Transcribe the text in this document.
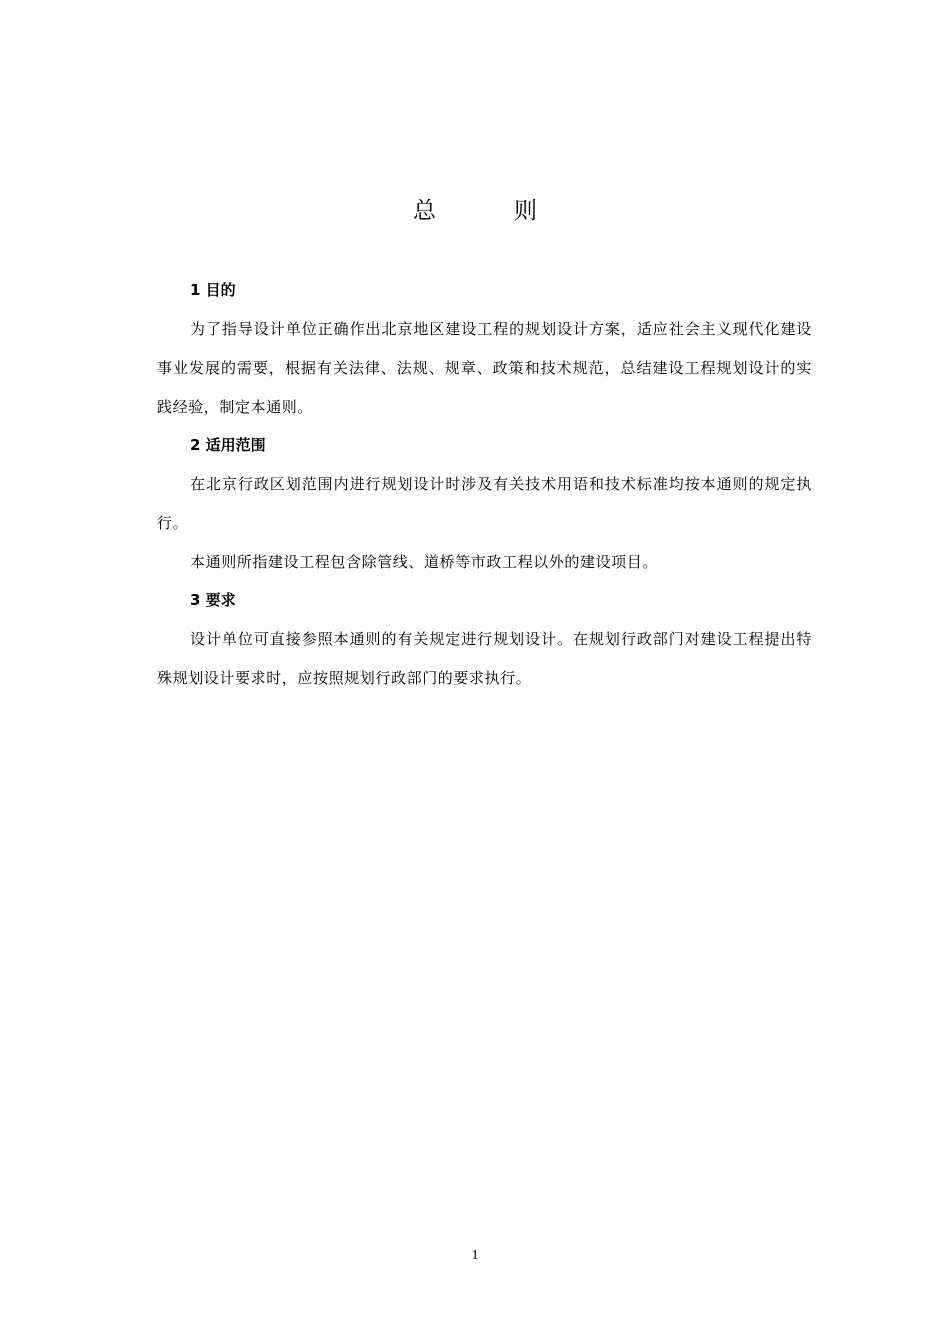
总则
1 目的

为了指导设计单位正确作出北京地区建设工程的规划设计方案，适应社会主义现代化建设事业发展的需要，根据有关法律、法规、规章、政策和技术规范，总结建设工程规划设计的实践经验，制定本通则。

2 适用范围

在北京行政区划范围内进行规划设计时涉及有关技术用语和技术标准均按本通则的规定执行。

本通则所指建设工程包含除管线、道桥等市政工程以外的建设项目。

3 要求

设计单位可直接参照本通则的有关规定进行规划设计。在规划行政部门对建设工程提出特殊规划设计要求时，应按照规划行政部门的要求执行。

1
